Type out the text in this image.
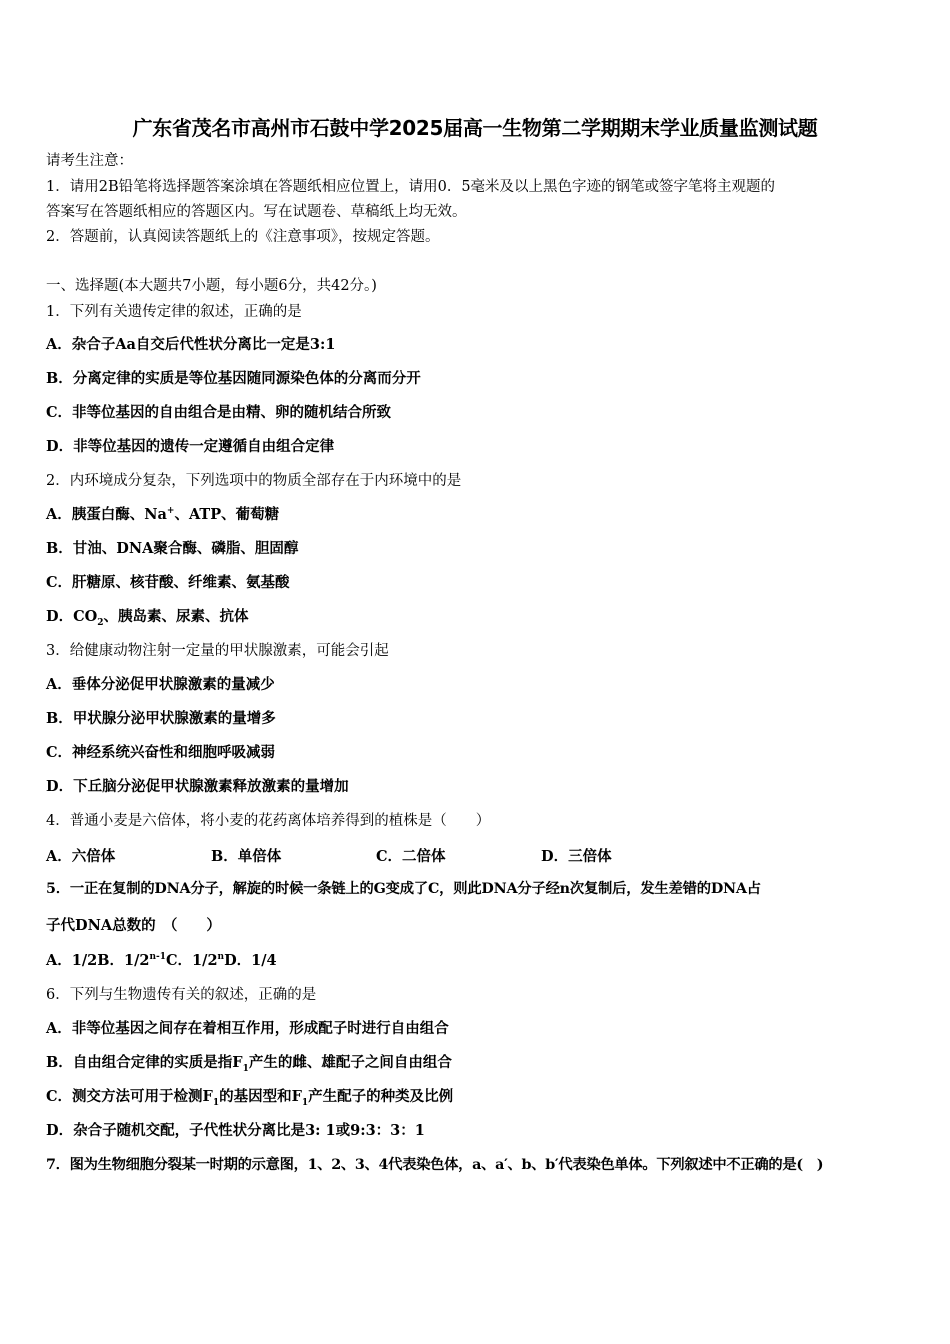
广东省茂名市高州市石鼓中学2025届高一生物第二学期期末学业质量监测试题
请考生注意：
1．请用2B铅笔将选择题答案涂填在答题纸相应位置上，请用0．5毫米及以上黑色字迹的钢笔或签字笔将主观题的
答案写在答题纸相应的答题区内。写在试题卷、草稿纸上均无效。
2．答题前，认真阅读答题纸上的《注意事项》，按规定答题。
一、选择题(本大题共7小题，每小题6分，共42分。)
1．下列有关遗传定律的叙述，正确的是
A．杂合子Aa自交后代性状分离比一定是3:1
B．分离定律的实质是等位基因随同源染色体的分离而分开
C．非等位基因的自由组合是由精、卵的随机结合所致
D．非等位基因的遗传一定遵循自由组合定律
2．内环境成分复杂，下列选项中的物质全部存在于内环境中的是
A．胰蛋白酶、Na+、ATP、葡萄糖
B．甘油、DNA聚合酶、磷脂、胆固醇
C．肝糖原、核苷酸、纤维素、氨基酸
D．$CO_2$、胰岛素、尿素、抗体
3．给健康动物注射一定量的甲状腺激素，可能会引起
A．垂体分泌促甲状腺激素的量减少
B．甲状腺分泌甲状腺激素的量增多
C．神经系统兴奋性和细胞呼吸减弱
D．下丘脑分泌促甲状腺激素释放激素的量增加
4．普通小麦是六倍体，将小麦的花药离体培养得到的植株是（　　）
A．六倍体	B．单倍体	C．二倍体	D．三倍体
5．一正在复制的DNA分子，解旋的时候一条链上的G变成了C，则此DNA分子经n次复制后，发生差错的DNA占
子代DNA总数的　（　　）
A．1/2B．1/2$^{n-1}$C．1/2$^n$D．1/4
6．下列与生物遗传有关的叙述，正确的是
A．非等位基因之间存在着相互作用，形成配子时进行自由组合
B．自由组合定律的实质是指$F_1$产生的雌、雄配子之间自由组合
C．测交方法可用于检测$F_1$的基因型和$F_1$产生配子的种类及比例
D．杂合子随机交配，子代性状分离比是3: 1或9:3：3：1
7．图为生物细胞分裂某一时期的示意图，1、2、3、4代表染色体，a、a′、b、b′代表染色单体。下列叙述中不正确的是(　)
